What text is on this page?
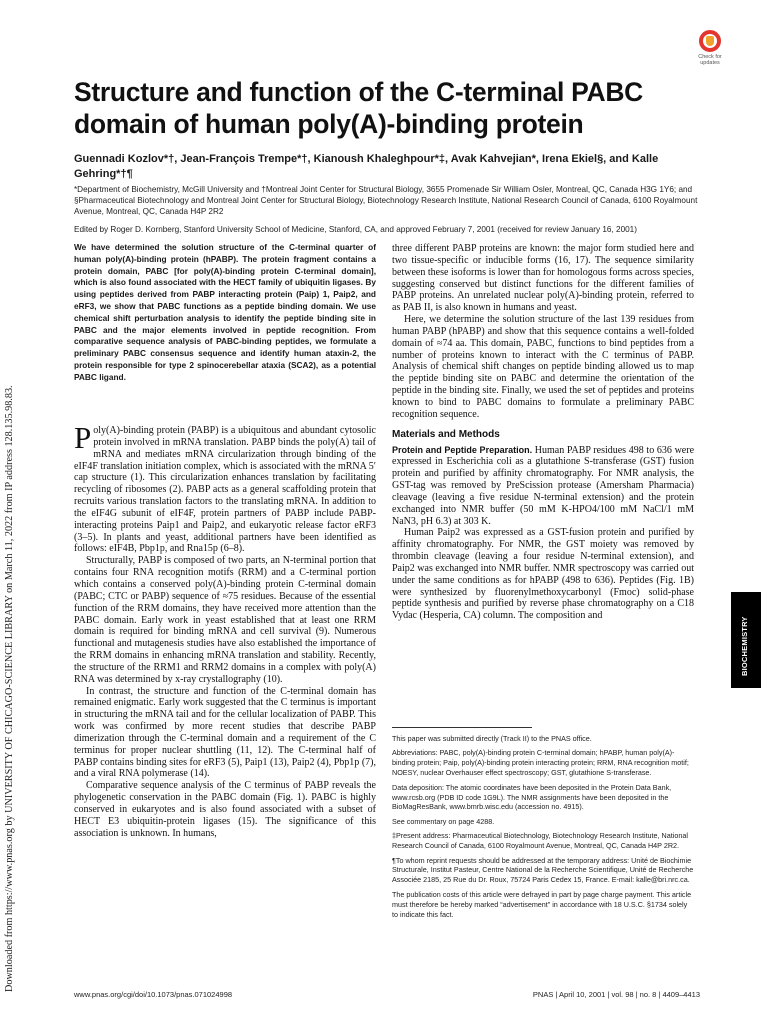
Downloaded from https://www.pnas.org by UNIVERSITY OF CHICAGO-SCIENCE LIBRARY on March 11, 2022 from IP address 128.135.98.83.
Check for
updates
Structure and function of the C-terminal PABC domain of human poly(A)-binding protein
Guennadi Kozlov*†, Jean-François Trempe*†, Kianoush Khaleghpour*‡, Avak Kahvejian*, Irena Ekiel§, and Kalle Gehring*†¶
*Department of Biochemistry, McGill University and †Montreal Joint Center for Structural Biology, 3655 Promenade Sir William Osler, Montreal, QC, Canada H3G 1Y6; and §Pharmaceutical Biotechnology and Montreal Joint Center for Structural Biology, Biotechnology Research Institute, National Research Council of Canada, 6100 Royalmount Avenue, Montreal, QC, Canada H4P 2R2
Edited by Roger D. Kornberg, Stanford University School of Medicine, Stanford, CA, and approved February 7, 2001 (received for review January 16, 2001)
We have determined the solution structure of the C-terminal quarter of human poly(A)-binding protein (hPABP). The protein fragment contains a protein domain, PABC [for poly(A)-binding protein C-terminal domain], which is also found associated with the HECT family of ubiquitin ligases. By using peptides derived from PABP interacting protein (Paip) 1, Paip2, and eRF3, we show that PABC functions as a peptide binding domain. We use chemical shift perturbation analysis to identify the peptide binding site in PABC and the major elements involved in peptide recognition. From comparative sequence analysis of PABC-binding peptides, we formulate a preliminary PABC consensus sequence and identify human ataxin-2, the protein responsible for type 2 spinocerebellar ataxia (SCA2), as a potential PABC ligand.

Poly(A)-binding protein (PABP) is a ubiquitous and abundant cytosolic protein involved in mRNA translation. PABP binds the poly(A) tail of mRNA and mediates mRNA circularization through binding of the eIF4F translation initiation complex, which is associated with the mRNA 5′ cap structure (1). This circularization enhances translation by facilitating recycling of ribosomes (2). PABP acts as a general scaffolding protein that recruits various translation factors to the translating mRNA. In addition to the eIF4G subunit of eIF4F, protein partners of PABP include PABP-interacting proteins Paip1 and Paip2, and eukaryotic release factor eRF3 (3–5). In plants and yeast, additional partners have been identified as follows: eIF4B, Pbp1p, and Rna15p (6–8).

Structurally, PABP is composed of two parts, an N-terminal portion that contains four RNA recognition motifs (RRM) and a C-terminal portion which contains a conserved poly(A)-binding protein C-terminal domain (PABC; CTC or PABP) sequence of ≈75 residues. Because of the essential function of the RRM domains, they have received more attention than the PABC domain. Early work in yeast established that at least one RRM domain is required for binding mRNA and cell survival (9). Numerous functional and mutagenesis studies have also established the importance of the RRM domains in enhancing mRNA translation and stability. Recently, the structure of the RRM1 and RRM2 domains in a complex with poly(A) RNA was determined by x-ray crystallography (10).

In contrast, the structure and function of the C-terminal domain has remained enigmatic. Early work suggested that the C terminus is important in structuring the mRNA tail and for the cellular localization of PABP. This work was confirmed by more recent studies that describe PABP dimerization through the C-terminal domain and a requirement of the C terminus for proper nuclear shuttling (11, 12). The C-terminal half of PABP contains binding sites for eRF3 (5), Paip1 (13), Paip2 (4), Pbp1p (7), and a viral RNA polymerase (14).

Comparative sequence analysis of the C terminus of PABP reveals the phylogenetic conservation in the PABC domain (Fig. 1). PABC is highly conserved in eukaryotes and is also found associated with a subset of HECT E3 ubiquitin-protein ligases (15). The significance of this association is unknown. In humans,

three different PABP proteins are known: the major form studied here and two tissue-specific or inducible forms (16, 17). The sequence similarity between these isoforms is lower than for homologous forms across species, suggesting conserved but distinct functions for the different families of PABP proteins. An unrelated nuclear poly(A)-binding protein, referred to as PAB II, is also known in humans and yeast.

Here, we determine the solution structure of the last 139 residues from human PABP (hPABP) and show that this sequence contains a well-folded domain of ≈74 aa. This domain, PABC, functions to bind peptides from a number of proteins known to interact with the C terminus of PABP. Analysis of chemical shift changes on peptide binding allowed us to map the peptide binding site on PABC and determine the orientation of the peptide in the binding site. Finally, we used the set of peptides and proteins known to bind to PABC domains to formulate a preliminary PABC recognition sequence.

Materials and Methods

Protein and Peptide Preparation. Human PABP residues 498 to 636 were expressed in Escherichia coli as a glutathione S-transferase (GST) fusion protein and purified by affinity chromatography. For NMR analysis, the GST-tag was removed by PreScission protease (Amersham Pharmacia) cleavage (leaving a five residue N-terminal extension) and the protein exchanged into NMR buffer (50 mM K-HPO4/100 mM NaCl/1 mM NaN3, pH 6.3) at 303 K.

Human Paip2 was expressed as a GST-fusion protein and purified by affinity chromatography. For NMR, the GST moiety was removed by thrombin cleavage (leaving a four residue N-terminal extension), and Paip2 was exchanged into NMR buffer. NMR spectroscopy was carried out under the same conditions as for hPABP (498 to 636). Peptides (Fig. 1B) were synthesized by fluorenylmethoxycarbonyl (Fmoc) solid-phase peptide synthesis and purified by reverse phase chromatography on a C18 Vydac (Hesperia, CA) column. The composition and

This paper was submitted directly (Track II) to the PNAS office.

Abbreviations: PABC, poly(A)-binding protein C-terminal domain; hPABP, human poly(A)-binding protein; Paip, poly(A)-binding protein interacting protein; RRM, RNA recognition motif; NOESY, nuclear Overhauser effect spectroscopy; GST, glutathione S-transferase.

Data deposition: The atomic coordinates have been deposited in the Protein Data Bank, www.rcsb.org (PDB ID code 1G9L). The NMR assignments have been deposited in the BioMagResBank, www.bmrb.wisc.edu (accession no. 4915).

See commentary on page 4288.

‡Present address: Pharmaceutical Biotechnology, Biotechnology Research Institute, National Research Council of Canada, 6100 Royalmount Avenue, Montreal, QC, Canada H4P 2R2.

¶To whom reprint requests should be addressed at the temporary address: Unité de Biochimie Structurale, Institut Pasteur, Centre National de la Recherche Scientifique, Unité de Recherche Associée 2185, 25 Rue du Dr. Roux, 75724 Paris Cedex 15, France. E-mail: kalle@bri.nrc.ca.

The publication costs of this article were defrayed in part by page charge payment. This article must therefore be hereby marked “advertisement” in accordance with 18 U.S.C. §1734 solely to indicate this fact.

BIOCHEMISTRY
www.pnas.org/cgi/doi/10.1073/pnas.071024998	PNAS | April 10, 2001 | vol. 98 | no. 8 | 4409–4413
